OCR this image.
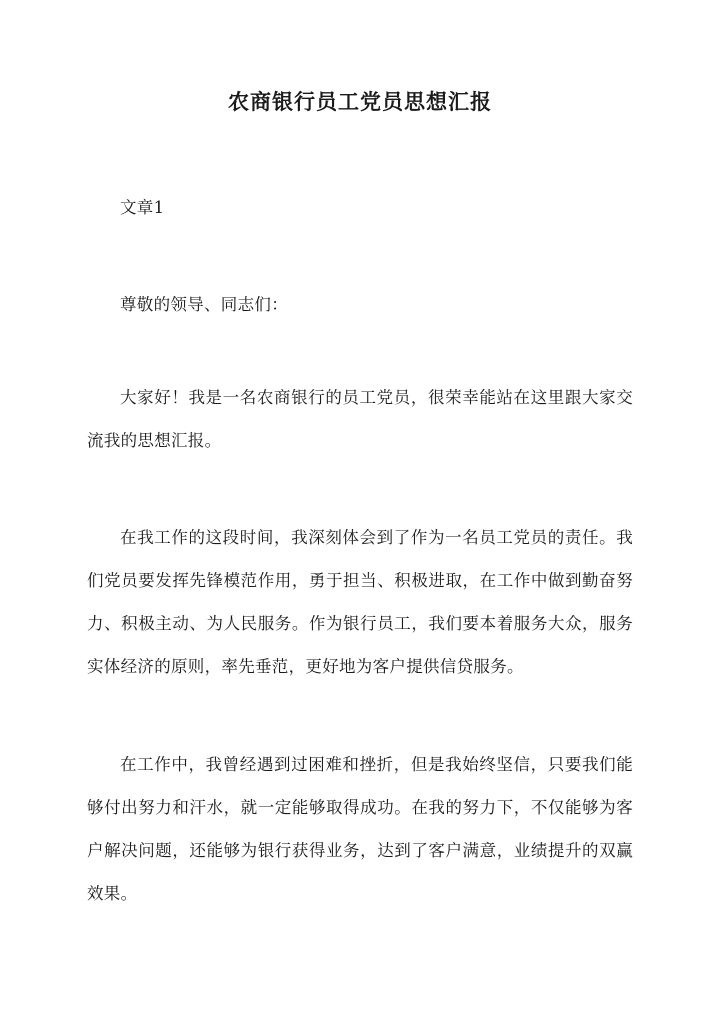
农商银行员工党员思想汇报

文章1

尊敬的领导、同志们：

大家好！我是一名农商银行的员工党员，很荣幸能站在这里跟大家交流我的思想汇报。

在我工作的这段时间，我深刻体会到了作为一名员工党员的责任。我们党员要发挥先锋模范作用，勇于担当、积极进取，在工作中做到勤奋努力、积极主动、为人民服务。作为银行员工，我们要本着服务大众，服务实体经济的原则，率先垂范，更好地为客户提供信贷服务。

在工作中，我曾经遇到过困难和挫折，但是我始终坚信，只要我们能够付出努力和汗水，就一定能够取得成功。在我的努力下，不仅能够为客户解决问题，还能够为银行获得业务，达到了客户满意，业绩提升的双赢效果。
